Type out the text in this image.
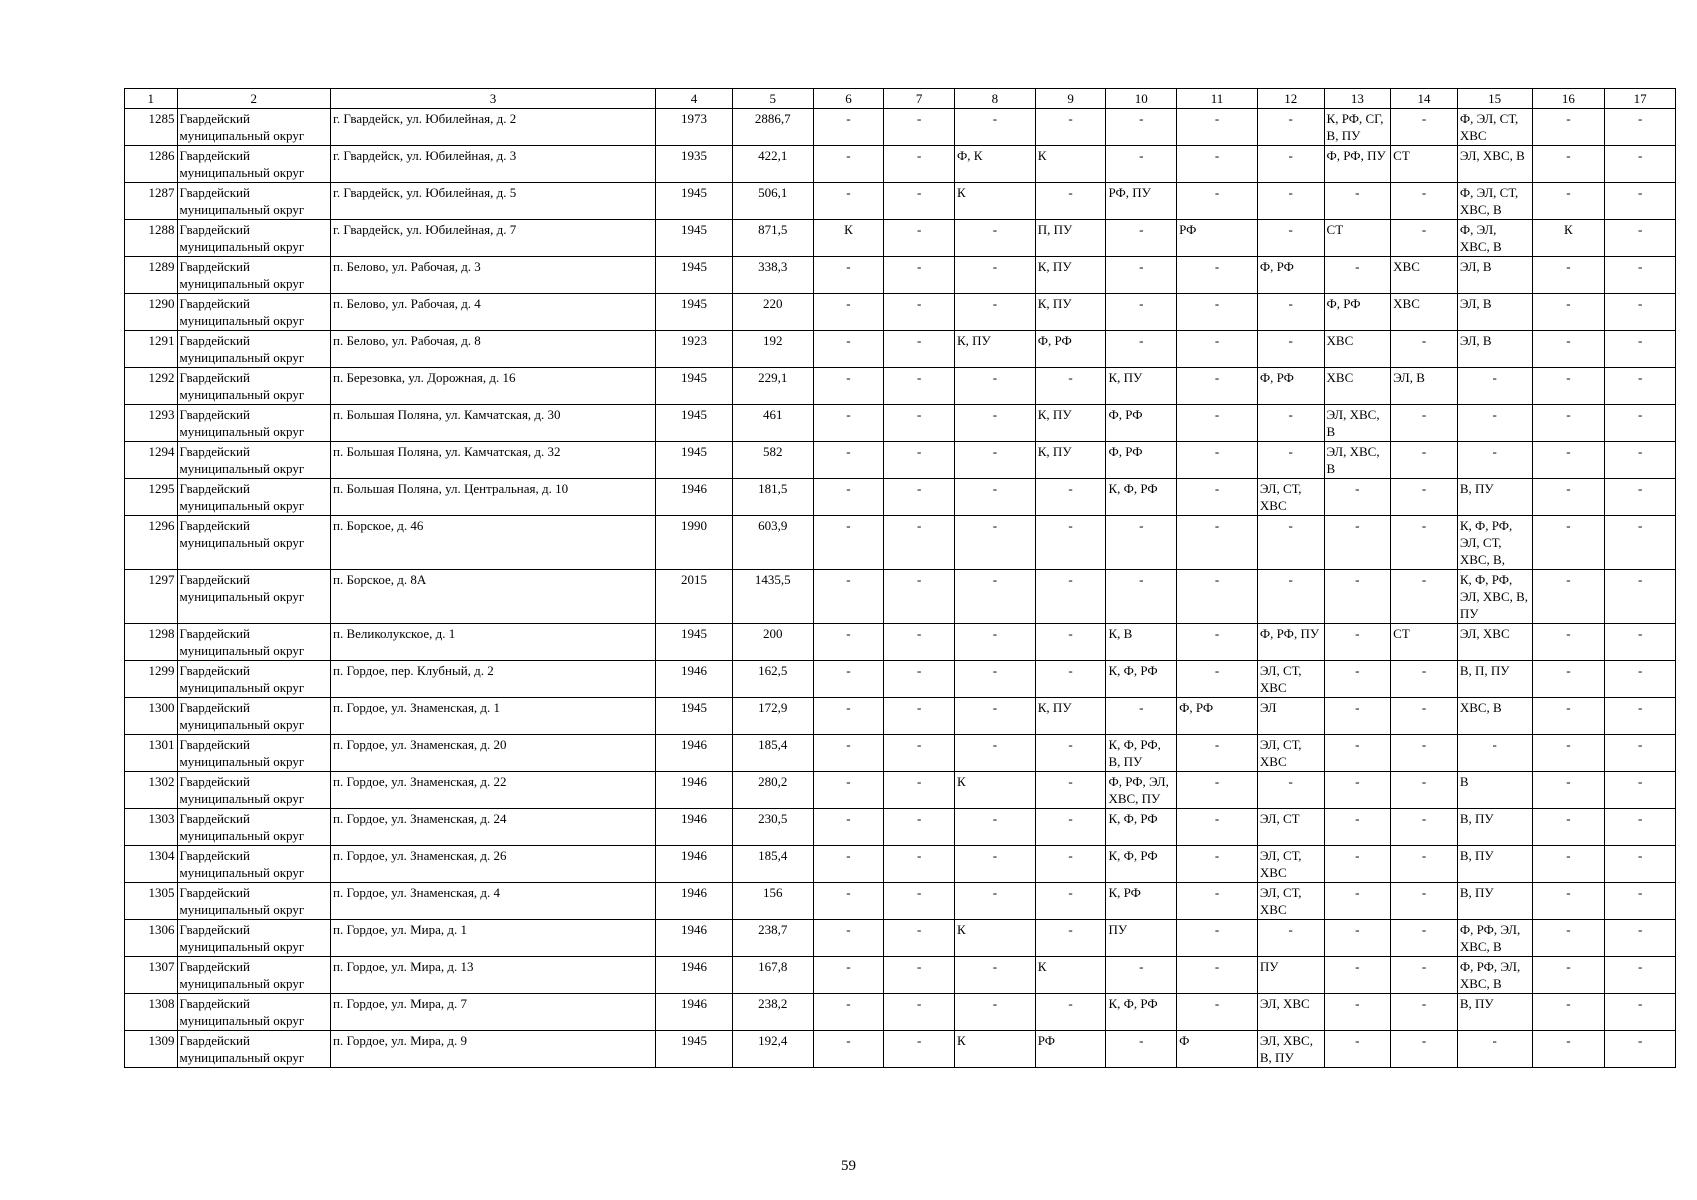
1	2	3	4	5	6	7	8	9	10	11	12	13	14	15	16	17
1285	Гвардейский муниципальный округ	г. Гвардейск, ул. Юбилейная, д. 2	1973	2886,7	-	-	-	-	-	-	-	К, РФ, СГ, В, ПУ	-	Ф, ЭЛ, СТ, ХВС	-	-
1286	Гвардейский муниципальный округ	г. Гвардейск, ул. Юбилейная, д. 3	1935	422,1	-	-	Ф, К	К	-	-	-	Ф, РФ, ПУ	СТ	ЭЛ, ХВС, В	-	-
1287	Гвардейский муниципальный округ	г. Гвардейск, ул. Юбилейная, д. 5	1945	506,1	-	-	К	-	РФ, ПУ	-	-	-	-	Ф, ЭЛ, СТ, ХВС, В	-	-
1288	Гвардейский муниципальный округ	г. Гвардейск, ул. Юбилейная, д. 7	1945	871,5	К	-	-	П, ПУ	-	РФ	-	СТ	-	Ф, ЭЛ, ХВС, В	К	-
1289	Гвардейский муниципальный округ	п. Белово, ул. Рабочая, д. 3	1945	338,3	-	-	-	К, ПУ	-	-	Ф, РФ	-	ХВС	ЭЛ, В	-	-
1290	Гвардейский муниципальный округ	п. Белово, ул. Рабочая, д. 4	1945	220	-	-	-	К, ПУ	-	-	-	Ф, РФ	ХВС	ЭЛ, В	-	-
1291	Гвардейский муниципальный округ	п. Белово, ул. Рабочая, д. 8	1923	192	-	-	К, ПУ	Ф, РФ	-	-	-	ХВС	-	ЭЛ, В	-	-
1292	Гвардейский муниципальный округ	п. Березовка, ул. Дорожная, д. 16	1945	229,1	-	-	-	-	К, ПУ	-	Ф, РФ	ХВС	ЭЛ, В	-	-	-
1293	Гвардейский муниципальный округ	п. Большая Поляна, ул. Камчатская, д. 30	1945	461	-	-	-	К, ПУ	Ф, РФ	-	-	ЭЛ, ХВС, В	-	-	-	-
1294	Гвардейский муниципальный округ	п. Большая Поляна, ул. Камчатская, д. 32	1945	582	-	-	-	К, ПУ	Ф, РФ	-	-	ЭЛ, ХВС, В	-	-	-	-
1295	Гвардейский муниципальный округ	п. Большая Поляна, ул. Центральная, д. 10	1946	181,5	-	-	-	-	К, Ф, РФ	-	ЭЛ, СТ, ХВС	-	-	В, ПУ	-	-
1296	Гвардейский муниципальный округ	п. Борское, д. 46	1990	603,9	-	-	-	-	-	-	-	-	-	К, Ф, РФ, ЭЛ, СТ, ХВС, В,	-	-
1297	Гвардейский муниципальный округ	п. Борское, д. 8А	2015	1435,5	-	-	-	-	-	-	-	-	-	К, Ф, РФ, ЭЛ, ХВС, В, ПУ	-	-
1298	Гвардейский муниципальный округ	п. Великолукское, д. 1	1945	200	-	-	-	-	К, В	-	Ф, РФ, ПУ	-	СТ	ЭЛ, ХВС	-	-
1299	Гвардейский муниципальный округ	п. Гордое, пер. Клубный, д. 2	1946	162,5	-	-	-	-	К, Ф, РФ	-	ЭЛ, СТ, ХВС	-	-	В, П, ПУ	-	-
1300	Гвардейский муниципальный округ	п. Гордое, ул. Знаменская, д. 1	1945	172,9	-	-	-	К, ПУ	-	Ф, РФ	ЭЛ	-	-	ХВС, В	-	-
1301	Гвардейский муниципальный округ	п. Гордое, ул. Знаменская, д. 20	1946	185,4	-	-	-	-	К, Ф, РФ, В, ПУ	-	ЭЛ, СТ, ХВС	-	-	-	-	-
1302	Гвардейский муниципальный округ	п. Гордое, ул. Знаменская, д. 22	1946	280,2	-	-	К	-	Ф, РФ, ЭЛ, ХВС, ПУ	-	-	-	-	В	-	-
1303	Гвардейский муниципальный округ	п. Гордое, ул. Знаменская, д. 24	1946	230,5	-	-	-	-	К, Ф, РФ	-	ЭЛ, СТ	-	-	В, ПУ	-	-
1304	Гвардейский муниципальный округ	п. Гордое, ул. Знаменская, д. 26	1946	185,4	-	-	-	-	К, Ф, РФ	-	ЭЛ, СТ, ХВС	-	-	В, ПУ	-	-
1305	Гвардейский муниципальный округ	п. Гордое, ул. Знаменская, д. 4	1946	156	-	-	-	-	К, РФ	-	ЭЛ, СТ, ХВС	-	-	В, ПУ	-	-
1306	Гвардейский муниципальный округ	п. Гордое, ул. Мира, д. 1	1946	238,7	-	-	К	-	ПУ	-	-	-	-	Ф, РФ, ЭЛ, ХВС, В	-	-
1307	Гвардейский муниципальный округ	п. Гордое, ул. Мира, д. 13	1946	167,8	-	-	-	К	-	-	ПУ	-	-	Ф, РФ, ЭЛ, ХВС, В	-	-
1308	Гвардейский муниципальный округ	п. Гордое, ул. Мира, д. 7	1946	238,2	-	-	-	-	К, Ф, РФ	-	ЭЛ, ХВС	-	-	В, ПУ	-	-
1309	Гвардейский муниципальный округ	п. Гордое, ул. Мира, д. 9	1945	192,4	-	-	К	РФ	-	Ф	ЭЛ, ХВС, В, ПУ	-	-	-	-	-
59
